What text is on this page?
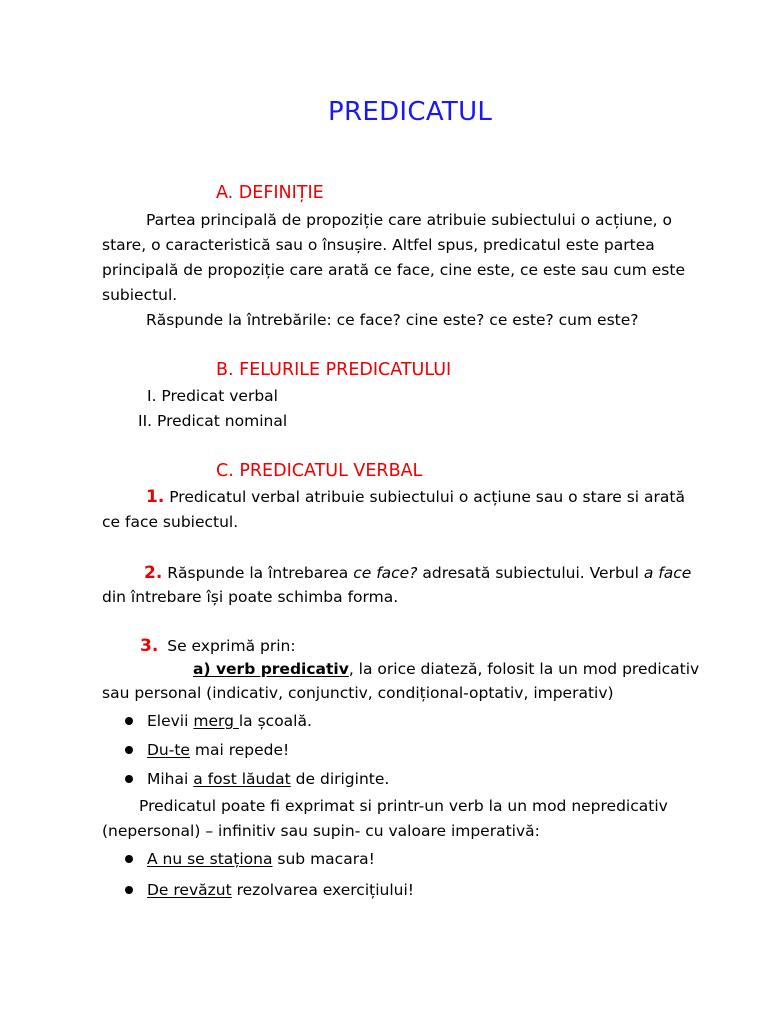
PREDICATUL
A. DEFINIȚIE
Partea principală de propoziție care atribuie subiectului o acțiune, o
stare, o caracteristică sau o însușire. Altfel spus, predicatul este partea
principală de propoziție care arată ce face, cine este, ce este sau cum este
subiectul.
Răspunde la întrebările: ce face? cine este? ce este? cum este?
B. FELURILE PREDICATULUI
I. Predicat verbal
II. Predicat nominal
C. PREDICATUL VERBAL
1. Predicatul verbal atribuie subiectului o acțiune sau o stare si arată
ce face subiectul.
2. Răspunde la întrebarea ce face? adresată subiectului. Verbul a face
din întrebare își poate schimba forma.
3. Se exprimă prin:
a) verb predicativ, la orice diateză, folosit la un mod predicativ
sau personal (indicativ, conjunctiv, condițional-optativ, imperativ)
Elevii merg la școală.
Du-te mai repede!
Mihai a fost lăudat de diriginte.
Predicatul poate fi exprimat si printr-un verb la un mod nepredicativ
(nepersonal) – infinitiv sau supin- cu valoare imperativă:
A nu se staționa sub macara!
De revăzut rezolvarea exercițiului!
